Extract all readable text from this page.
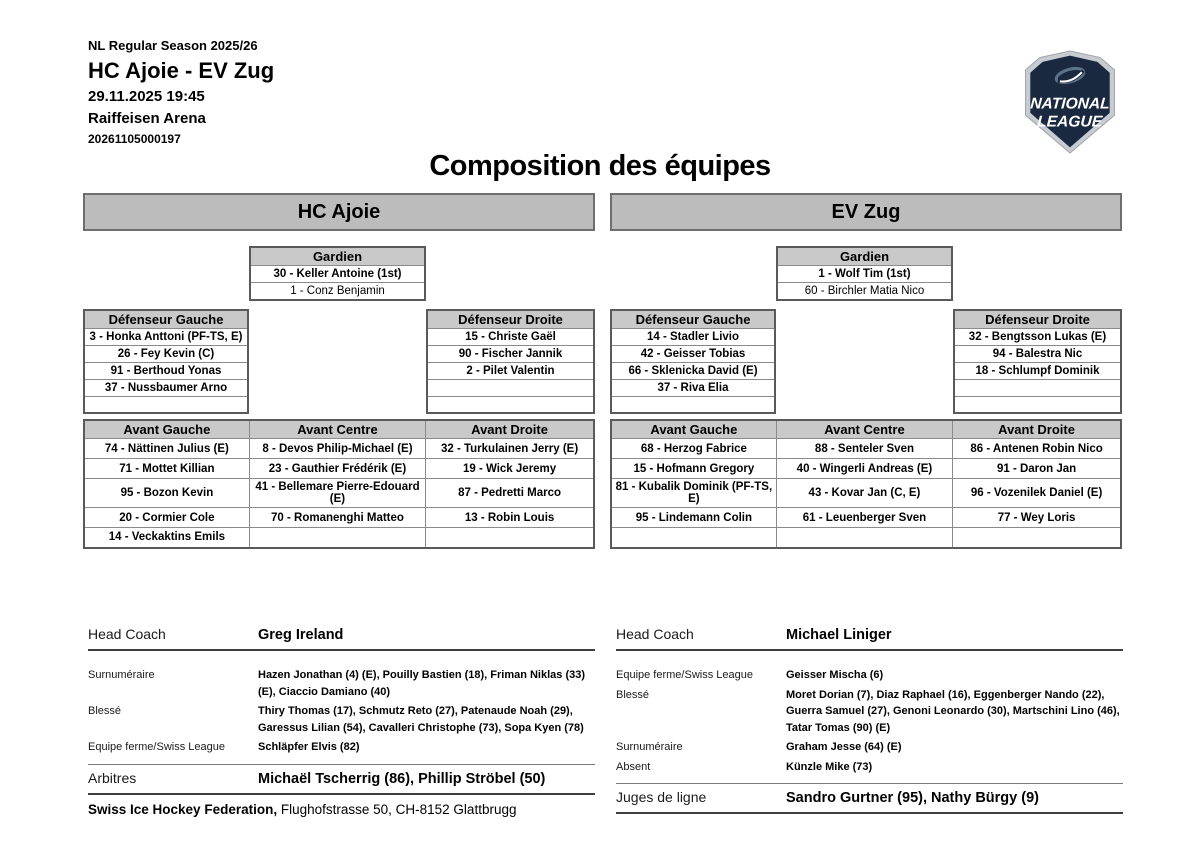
NL Regular Season 2025/26
HC Ajoie - EV Zug
29.11.2025 19:45
Raiffeisen Arena
20261105000197
NATIONAL
LEAGUE
Composition des équipes
HC Ajoie
Gardien
30 - Keller Antoine (1st)
1 - Conz Benjamin
Défenseur Gauche
3 - Honka Anttoni (PF-TS, E)
26 - Fey Kevin (C)
91 - Berthoud Yonas
37 - Nussbaumer Arno

Défenseur Droite
15 - Christe Gaël
90 - Fischer Jannik
2 - Pilet Valentin

Avant Gauche	Avant Centre	Avant Droite
74 - Nättinen Julius (E)	8 - Devos Philip-Michael (E)	32 - Turkulainen Jerry (E)
71 - Mottet Killian	23 - Gauthier Frédérik (E)	19 - Wick Jeremy
95 - Bozon Kevin	41 - Bellemare Pierre-Edouard (E)	87 - Pedretti Marco
20 - Cormier Cole	70 - Romanenghi Matteo	13 - Robin Louis
14 - Veckaktins Emils		
EV Zug
Gardien
1 - Wolf Tim (1st)
60 - Birchler Matia Nico
Défenseur Gauche
14 - Stadler Livio
42 - Geisser Tobias
66 - Sklenicka David (E)
37 - Riva Elia

Défenseur Droite
32 - Bengtsson Lukas (E)
94 - Balestra Nic
18 - Schlumpf Dominik

Avant Gauche	Avant Centre	Avant Droite
68 - Herzog Fabrice	88 - Senteler Sven	86 - Antenen Robin Nico
15 - Hofmann Gregory	40 - Wingerli Andreas (E)	91 - Daron Jan
81 - Kubalik Dominik (PF-TS, E)	43 - Kovar Jan (C, E)	96 - Vozenilek Daniel (E)
95 - Lindemann Colin	61 - Leuenberger Sven	77 - Wey Loris

Head Coach	Greg Ireland
Surnuméraire	Hazen Jonathan (4) (E), Pouilly Bastien (18), Friman Niklas (33) (E), Ciaccio Damiano (40)
Blessé	Thiry Thomas (17), Schmutz Reto (27), Patenaude Noah (29), Garessus Lilian (54), Cavalleri Christophe (73), Sopa Kyen (78)
Equipe ferme/Swiss League	Schläpfer Elvis (82)
Arbitres	Michaël Tscherrig (86), Phillip Ströbel (50)
Head Coach	Michael Liniger
Equipe ferme/Swiss League	Geisser Mischa (6)
Blessé	Moret Dorian (7), Diaz Raphael (16), Eggenberger Nando (22), Guerra Samuel (27), Genoni Leonardo (30), Martschini Lino (46), Tatar Tomas (90) (E)
Surnuméraire	Graham Jesse (64) (E)
Absent	Künzle Mike (73)
Juges de ligne	Sandro Gurtner (95), Nathy Bürgy (9)
Swiss Ice Hockey Federation, Flughofstrasse 50, CH-8152 Glattbrugg
